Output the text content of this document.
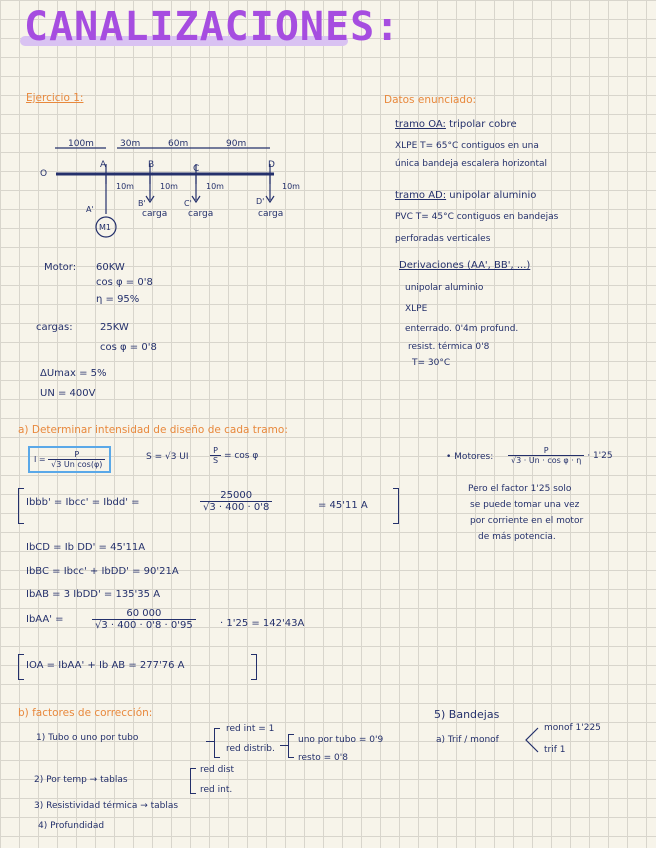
CANALIZACIONES:
Ejercicio 1:	Datos enunciado:
tramo OA: tripolar cobre
XLPE T= 65°C contiguos en una
única bandeja escalera horizontal
tramo AD: unipolar aluminio
PVC T= 45°C contiguos en bandejas
perforadas verticales
Derivaciones (AA', BB', ...)
unipolar aluminio
XLPE
enterrado. 0'4m profund.
resist. térmica 0'8
T= 30°C
100m	30m	60m	90m
O
A	B	C	D
A'
B'	C'	D'
10m	10m	10m	10m
carga carga	carga
M1
Motor: 60KW
cos φ = 0'8
η = 95%
cargas:	25KW
cos φ = 0'8
ΔUmax = 5%
UN = 400V
a) Determinar intensidad de diseño de cada tramo:
$I = \frac{P}{\text{√3 Un cos(φ)}}$	S = √3 UI	$\frac{P}{S} = \cos \varphi$
Ibbb' = Ibcc' = Ibdd' =	$\frac{25000}{√3 \cdot 400 \cdot 0'8}$	= 45'11 A
IbCD = Ib DD' = 45'11A
IbBC = Ibcc' + IbDD' = 90'21A
IbAB = 3 IbDD' = 135'35 A
IbAA' =	$\frac{60 000}{√3 \cdot 400 \cdot 0'8 \cdot 0'95} \cdot 1'25 = 142'43A$
IOA = IbAA' + Ib AB = 277'76 A
• Motores: $\frac{P}{\text{√3 · Un · cos φ · η}} \cdot 1'25$
Pero el factor 1'25 solo
se puede tomar una vez
por corriente en el motor
de más potencia.
b) factores de corrección:
1) Tubo o uno por tubo
red int = 1
red distrib.
uno por tubo = 0'9
resto = 0'8
2) Por temp → tablas
red dist
red int.
3) Resistividad térmica → tablas
4) Profundidad
5) Bandejas
a) Trif / monof
monof 1'225
trif 1
